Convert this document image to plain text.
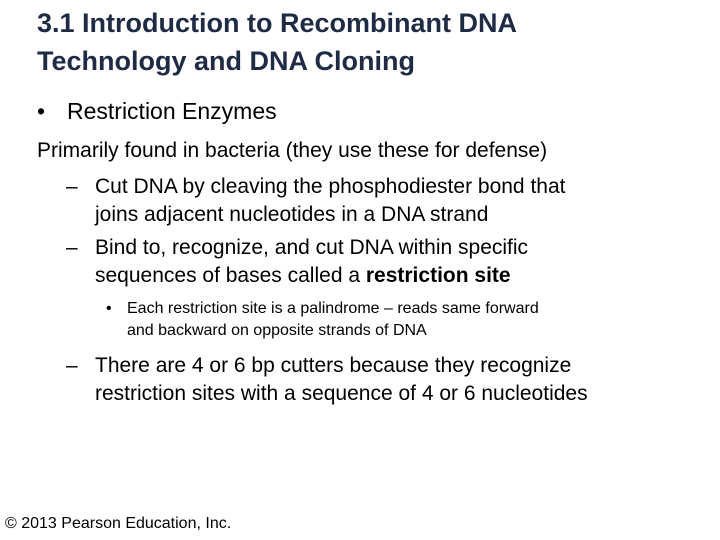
3.1 Introduction to Recombinant DNA
Technology and DNA Cloning
• Restriction Enzymes
Primarily found in bacteria (they use these for defense)
– Cut DNA by cleaving the phosphodiester bond that
joins adjacent nucleotides in a DNA strand
– Bind to, recognize, and cut DNA within specific
sequences of bases called a restriction site
• Each restriction site is a palindrome – reads same forward
and backward on opposite strands of DNA
– There are 4 or 6 bp cutters because they recognize
restriction sites with a sequence of 4 or 6 nucleotides
© 2013 Pearson Education, Inc.
